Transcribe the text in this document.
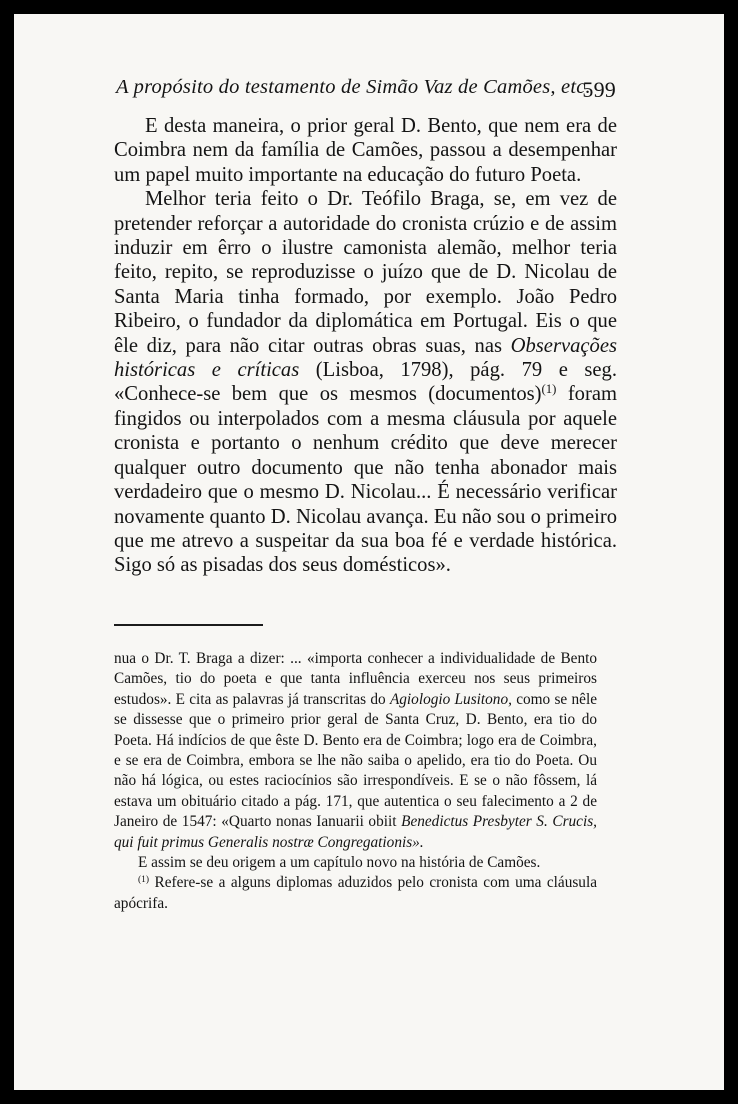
A propósito do testamento de Simão Vaz de Camões, etc.
599

E desta maneira, o prior geral D. Bento, que nem era de Coimbra nem da família de Camões, passou a desempenhar um papel muito importante na educação do futuro Poeta.

Melhor teria feito o Dr. Teófilo Braga, se, em vez de pretender reforçar a autoridade do cronista crúzio e de assim induzir em êrro o ilustre camonista alemão, melhor teria feito, repito, se reproduzisse o juízo que de D. Nicolau de Santa Maria tinha formado, por exemplo. João Pedro Ribeiro, o fundador da diplomática em Portugal. Eis o que êle diz, para não citar outras obras suas, nas Observações históricas e críticas (Lisboa, 1798), pág. 79 e seg. «Conhece-se bem que os mesmos (documentos)$^{(1)}$ foram fingidos ou interpolados com a mesma cláusula por aquele cronista e portanto o nenhum crédito que deve merecer qualquer outro documento que não tenha abonador mais verdadeiro que o mesmo D. Nicolau... É necessário verificar novamente quanto D. Nicolau avança. Eu não sou o primeiro que me atrevo a suspeitar da sua boa fé e verdade histórica. Sigo só as pisadas dos seus domésticos».

nua o Dr. T. Braga a dizer: ... «importa conhecer a individualidade de Bento Camões, tio do poeta e que tanta influência exerceu nos seus primeiros estudos». E cita as palavras já transcritas do Agiologio Lusitono, como se nêle se dissesse que o primeiro prior geral de Santa Cruz, D. Bento, era tio do Poeta. Há indícios de que êste D. Bento era de Coimbra; logo era de Coimbra, e se era de Coimbra, embora se lhe não saiba o apelido, era tio do Poeta. Ou não há lógica, ou estes raciocínios são irrespondíveis. E se o não fôssem, lá estava um obituário citado a pág. 171, que autentica o seu falecimento a 2 de Janeiro de 1547: «Quarto nonas Ianuarii obiit Benedictus Presbyter S. Crucis, qui fuit primus Generalis nostræ Congregationis».

E assim se deu origem a um capítulo novo na história de Camões.

$^{(1)}$ Refere-se a alguns diplomas aduzidos pelo cronista com uma cláusula apócrifa.
